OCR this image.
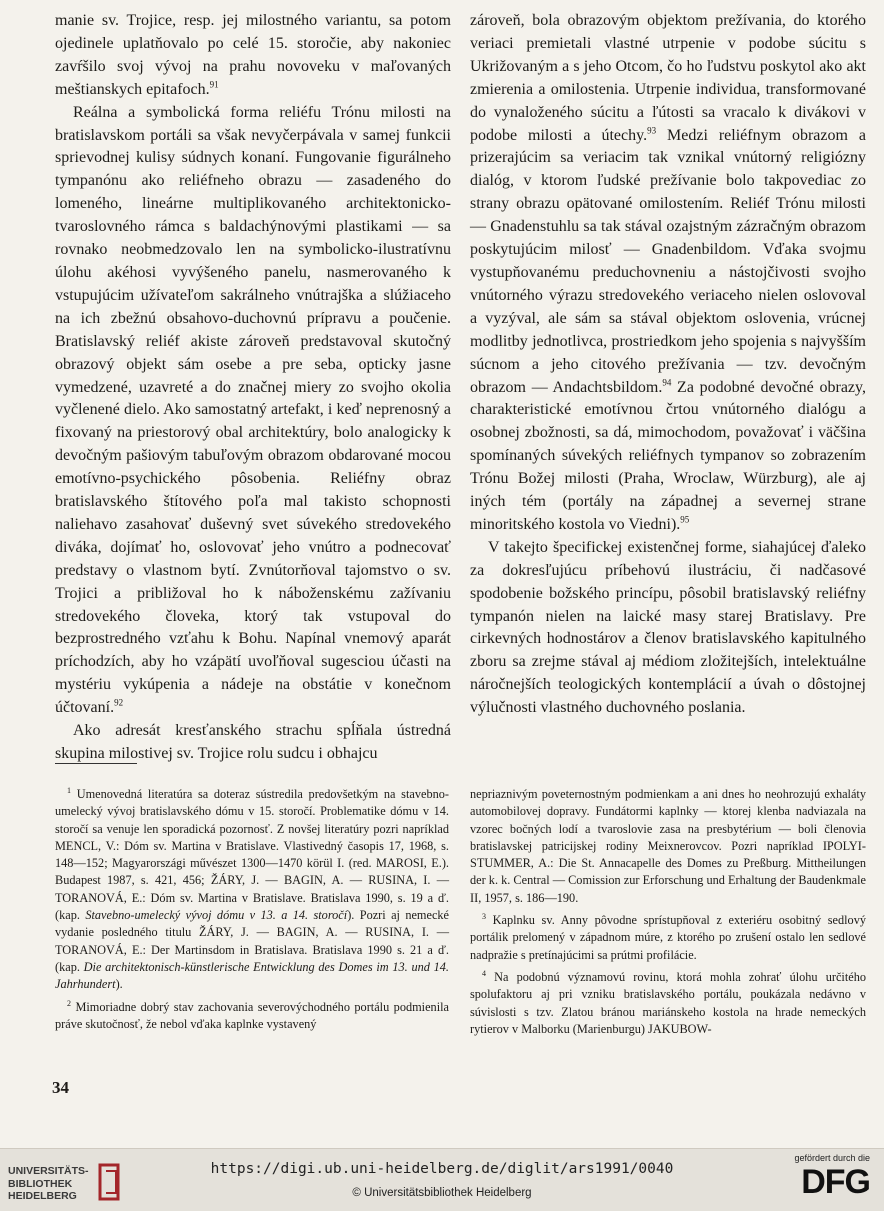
manie sv. Trojice, resp. jej milostného variantu, sa potom ojedinele uplatňovalo po celé 15. storočie, aby nakoniec zavŕšilo svoj vývoj na prahu novoveku v maľovaných meštianskych epitafoch.$^{91}$

Reálna a symbolická forma reliéfu Trónu milosti na bratislavskom portáli sa však nevyčerpávala v samej funkcii sprievodnej kulisy súdnych konaní. Fungovanie figurálneho tympanónu ako reliéfneho obrazu — zasadeného do lomeného, lineárne multiplikovaného architektonicko-tvaroslovného rámca s baldachýnovými plastikami — sa rovnako neobmedzovalo len na symbolicko-ilustratívnu úlohu akéhosi vyvýšeného panelu, nasmerovaného k vstupujúcim užívateľom sakrálneho vnútrajška a slúžiaceho na ich zbežnú obsahovo-duchovnú prípravu a poučenie. Bratislavský reliéf akiste zároveň predstavoval skutočný obrazový objekt sám osebe a pre seba, opticky jasne vymedzené, uzavreté a do značnej miery zo svojho okolia vyčlenené dielo. Ako samostatný artefakt, i keď neprenosný a fixovaný na priestorový obal architektúry, bolo analogicky k devočným pašiovým tabuľovým obrazom obdarované mocou emotívno-psychického pôsobenia. Reliéfny obraz bratislavského štítového poľa mal takisto schopnosti naliehavo zasahovať duševný svet súvekého stredovekého diváka, dojímať ho, oslovovať jeho vnútro a podnecovať predstavy o vlastnom bytí. Zvnútorňoval tajomstvo o sv. Trojici a približoval ho k náboženskému zažívaniu stredovekého človeka, ktorý tak vstupoval do bezprostredného vzťahu k Bohu. Napínal vnemový aparát príchodzích, aby ho vzápätí uvoľňoval sugesciou účasti na mystériu vykúpenia a nádeje na obstátie v konečnom účtovaní.$^{92}$

Ako adresát kresťanského strachu spĺňala ústredná skupina milostivej sv. Trojice rolu sudcu i obhajcu

zároveň, bola obrazovým objektom prežívania, do ktorého veriaci premietali vlastné utrpenie v podobe súcitu s Ukrižovaným a s jeho Otcom, čo ho ľudstvu poskytol ako akt zmierenia a omilostenia. Utrpenie individua, transformované do vynaloženého súcitu a ľútosti sa vracalo k divákovi v podobe milosti a útechy.$^{93}$ Medzi reliéfnym obrazom a prizerajúcim sa veriacim tak vznikal vnútorný religiózny dialóg, v ktorom ľudské prežívanie bolo takpovediac zo strany obrazu opätované omilostením. Reliéf Trónu milosti — Gnadenstuhlu sa tak stával ozajstným zázračným obrazom poskytujúcim milosť — Gnadenbildom. Vďaka svojmu vystupňovanému preduchovneniu a nástojčivosti svojho vnútorného výrazu stredovekého veriaceho nielen oslovoval a vyzýval, ale sám sa stával objektom oslovenia, vrúcnej modlitby jednotlivca, prostriedkom jeho spojenia s najvyšším súcnom a jeho citového prežívania — tzv. devočným obrazom — Andachtsbildom.$^{94}$ Za podobné devočné obrazy, charakteristické emotívnou črtou vnútorného dialógu a osobnej zbožnosti, sa dá, mimochodom, považovať i väčšina spomínaných súvekých reliéfnych tympanov so zobrazením Trónu Božej milosti (Praha, Wroclaw, Würzburg), ale aj iných tém (portály na západnej a severnej strane minoritského kostola vo Viedni).$^{95}$

V takejto špecifickej existenčnej forme, siahajúcej ďaleko za dokresľujúcu príbehovú ilustráciu, či nadčasové spodobenie božského princípu, pôsobil bratislavský reliéfny tympanón nielen na laické masy starej Bratislavy. Pre cirkevných hodnostárov a členov bratislavského kapitulného zboru sa zrejme stával aj médiom zložitejších, intelektuálne náročnejších teologických kontemplácií a úvah o dôstojnej výlučnosti vlastného duchovného poslania.

$^1$ Umenovedná literatúra sa doteraz sústredila predovšetkým na stavebno-umelecký vývoj bratislavského dómu v 15. storočí. Problematike dómu v 14. storočí sa venuje len sporadická pozornosť. Z novšej literatúry pozri napríklad MENCL, V.: Dóm sv. Martina v Bratislave. Vlastivedný časopis 17, 1968, s. 148—152; Magyarországi művészet 1300—1470 körül I. (red. MAROSI, E.). Budapest 1987, s. 421, 456; ŽÁRY, J. — BAGIN, A. — RUSINA, I. — TORANOVÁ, E.: Dóm sv. Martina v Bratislave. Bratislava 1990, s. 19 a ď. (kap. Stavebno-umelecký vývoj dómu v 13. a 14. storočí). Pozri aj nemecké vydanie posledného titulu ŽÁRY, J. — BAGIN, A. — RUSINA, I. — TORANOVÁ, E.: Der Martinsdom in Bratislava. Bratislava 1990 s. 21 a ď. (kap. Die architektonisch-künstlerische Entwicklung des Domes im 13. und 14. Jahrhundert).

$^2$ Mimoriadne dobrý stav zachovania severovýchodného portálu podmienila práve skutočnosť, že nebol vďaka kaplnke vystavený

nepriaznivým poveternostným podmienkam a ani dnes ho neohrozujú exhaláty automobilovej dopravy. Fundátormi kaplnky — ktorej klenba nadviazala na vzorec bočných lodí a tvaroslovie zasa na presbytérium — boli členovia bratislavskej patricijskej rodiny Meixnerovcov. Pozri napríklad IPOLYI-STUMMER, A.: Die St. Annacapelle des Domes zu Preßburg. Mittheilungen der k. k. Central — Comission zur Erforschung und Erhaltung der Baudenkmale II, 1957, s. 186—190.

$^3$ Kaplnku sv. Anny pôvodne sprístupňoval z exteriéru osobitný sedlový portálik prelomený v západnom múre, z ktorého po zrušení ostalo len sedlové nadpražie s pretínajúcimi sa prútmi profilácie.

$^4$ Na podobnú významovú rovinu, ktorá mohla zohrať úlohu určitého spolufaktoru aj pri vzniku bratislavského portálu, poukázala nedávno v súvislosti s tzv. Zlatou bránou mariánskeho kostola na hrade nemeckých rytierov v Malborku (Marienburgu) JAKUBOW-

34
UNIVERSITÄTS-
BIBLIOTHEK
HEIDELBERG
https://digi.ub.uni-heidelberg.de/diglit/ars1991/0040
© Universitätsbibliothek Heidelberg
gefördert durch die
DFG
